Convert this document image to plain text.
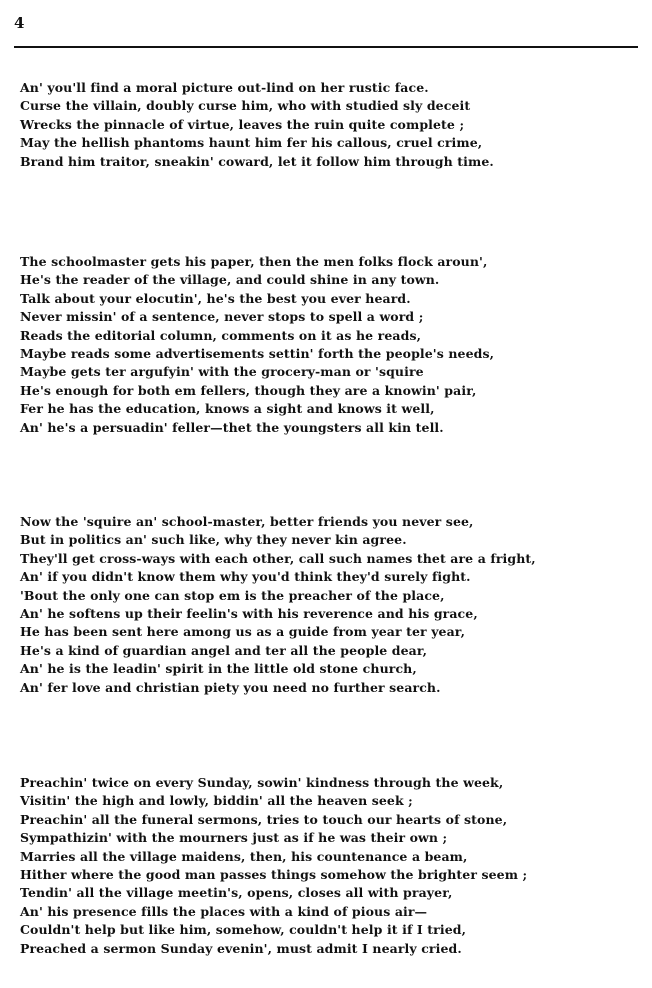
4
An' you'll find a moral picture out-lind on her rustic face.
Curse the villain, doubly curse him, who with studied sly deceit
Wrecks the pinnacle of virtue, leaves the ruin quite complete ;
May the hellish phantoms haunt him fer his callous, cruel crime,
Brand him traitor, sneakin' coward, let it follow him through time.
The schoolmaster gets his paper, then the men folks flock aroun',
He's the reader of the village, and could shine in any town.
Talk about your elocutin', he's the best you ever heard.
Never missin' of a sentence, never stops to spell a word ;
Reads the editorial column, comments on it as he reads,
Maybe reads some advertisements settin' forth the people's needs,
Maybe gets ter argufyin' with the grocery-man or 'squire
He's enough for both em fellers, though they are a knowin' pair,
Fer he has the education, knows a sight and knows it well,
An' he's a persuadin' feller—thet the youngsters all kin tell.
Now the 'squire an' school-master, better friends you never see,
But in politics an' such like, why they never kin agree.
They'll get cross-ways with each other, call such names thet are a fright,
An' if you didn't know them why you'd think they'd surely fight.
'Bout the only one can stop em is the preacher of the place,
An' he softens up their feelin's with his reverence and his grace,
He has been sent here among us as a guide from year ter year,
He's a kind of guardian angel and ter all the people dear,
An' he is the leadin' spirit in the little old stone church,
An' fer love and christian piety you need no further search.
Preachin' twice on every Sunday, sowin' kindness through the week,
Visitin' the high and lowly, biddin' all the heaven seek ;
Preachin' all the funeral sermons, tries to touch our hearts of stone,
Sympathizin' with the mourners just as if he was their own ;
Marries all the village maidens, then, his countenance a beam,
Hither where the good man passes things somehow the brighter seem ;
Tendin' all the village meetin's, opens, closes all with prayer,
An' his presence fills the places with a kind of pious air—
Couldn't help but like him, somehow, couldn't help it if I tried,
Preached a sermon Sunday evenin', must admit I nearly cried.
